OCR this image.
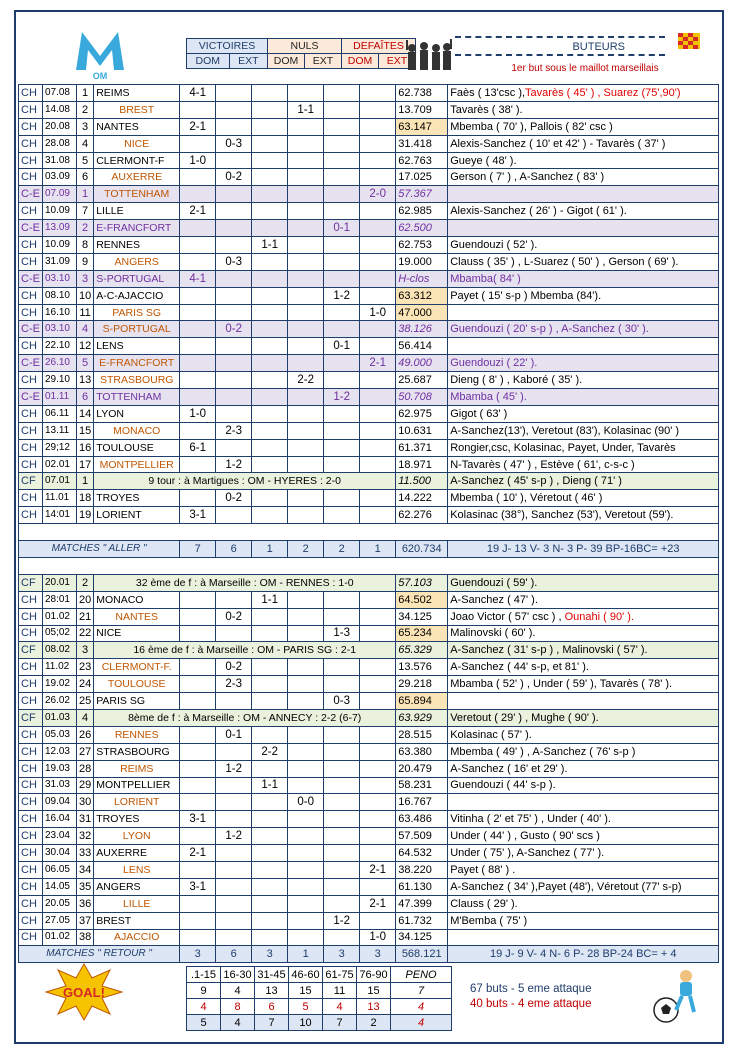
OM
VICTOIRES		NULS		DEFAÎTES	
DOM	EXT	DOM	EXT	DOM	EXT
BUTEURS
1er but sous le maillot marseillais
CH	07.08	1	REIMS	4-1						62.738	Faès ( 13'csc ),Tavarès ( 45' ) , Suarez (75',90')
CH	14.08	2	BREST				1-1			13.709	Tavarès ( 38' ).
CH	20.08	3	NANTES	2-1						63.147	Mbemba ( 70' ), Pallois ( 82' csc )
CH	28.08	4	NICE		0-3					31.418	Alexis-Sanchez ( 10' et 42' ) - Tavarès ( 37' )
CH	31.08	5	CLERMONT-F	1-0						62.763	Gueye ( 48' ).
CH	03.09	6	AUXERRE		0-2					17.025	Gerson ( 7' ) , A-Sanchez ( 83' )
C-E	07.09	1	TOTTENHAM						2-0	57.367	
CH	10.09	7	LILLE	2-1						62.985	Alexis-Sanchez ( 26' ) - Gigot ( 61' ).
C-E	13.09	2	E-FRANCFORT					0-1		62.500	
CH	10.09	8	RENNES			1-1				62.753	Guendouzi ( 52' ).
CH	31.09	9	ANGERS		0-3					19.000	Clauss ( 35' ) , L-Suarez ( 50' ) , Gerson ( 69' ).
C-E	03.10	3	S-PORTUGAL	4-1						H-clos	Mbamba( 84' )
CH	08.10	10	A-C-AJACCIO					1-2		63.312	Payet ( 15' s-p ) Mbemba (84').
CH	16.10	11	PARIS SG						1-0	47.000	
C-E	03.10	4	S-PORTUGAL		0-2					38.126	Guendouzi ( 20' s-p ) , A-Sanchez ( 30' ).
CH	22.10	12	LENS					0-1		56.414	
C-E	26.10	5	E-FRANCFORT						2-1	49.000	Guendouzi ( 22' ).
CH	29.10	13	STRASBOURG				2-2			25.687	Dieng ( 8' ) , Kaboré ( 35' ).
C-E	01.11	6	TOTTENHAM					1-2		50.708	Mbamba ( 45' ).
CH	06.11	14	LYON	1-0						62.975	Gigot ( 63' )
CH	13.11	15	MONACO		2-3					10.631	A-Sanchez(13'), Veretout (83'), Kolasinac (90' )
CH	29;12	16	TOULOUSE	6-1						61.371	Rongier,csc, Kolasinac, Payet, Under, Tavarès
CH	02.01	17	MONTPELLIER		1-2					18.971	N-Tavarès ( 47' ) , Estève ( 61', c-s-c )
CF	07.01	1	9 tour : à Martigues : OM - HYERES : 2-0							11.500	A-Sanchez ( 45' s-p ) , Dieng ( 71' )
CH	11.01	18	TROYES		0-2					14.222	Mbemba ( 10' ), Véretout ( 46' )
CH	14:01	19	LORIENT	3-1						62.276	Kolasinac (38°), Sanchez (53'), Veretout (59').

MATCHES " ALLER "				7	6	1	2	2	1	620.734	19 J- 13 V- 3 N- 3 P- 39 BP-16BC= +23

CF	20.01	2	32 ème de f : à Marseille : OM - RENNES : 1-0							57.103	Guendouzi ( 59' ).
CH	28:01	20	MONACO			1-1				64.502	A-Sanchez ( 47' ).
CH	01.02	21	NANTES		0-2					34.125	Joao Victor ( 57' csc ) , Ounahi ( 90' ).
CH	05;02	22	NICE					1-3		65.234	Malinovski ( 60' ).
CF	08.02	3	16 ème de f : à Marseille : OM - PARIS SG : 2-1							65.329	A-Sanchez ( 31' s-p ) , Malinovski ( 57' ).
CH	11.02	23	CLERMONT-F.		0-2					13.576	A-Sanchez ( 44' s-p, et 81' ).
CH	19.02	24	TOULOUSE		2-3					29.218	Mbamba ( 52' ) , Under ( 59' ), Tavarès ( 78' ).
CH	26.02	25	PARIS SG					0-3		65.894	
CF	01.03	4	8ème de f : à Marseille : OM - ANNECY : 2-2 (6-7)							63.929	Veretout ( 29' ) , Mughe ( 90' ).
CH	05.03	26	RENNES		0-1					28.515	Kolasinac ( 57' ).
CH	12.03	27	STRASBOURG			2-2				63.380	Mbemba ( 49' ) , A-Sanchez ( 76' s-p )
CH	19.03	28	REIMS		1-2					20.479	A-Sanchez ( 16' et 29' ).
CH	31.03	29	MONTPELLIER			1-1				58.231	Guendouzi ( 44' s-p ).
CH	09.04	30	LORIENT				0-0			16.767	
CH	16.04	31	TROYES	3-1						63.486	Vitinha ( 2' et 75' ) , Under ( 40' ).
CH	23.04	32	LYON		1-2					57.509	Under ( 44' ) , Gusto ( 90' scs )
CH	30.04	33	AUXERRE	2-1						64.532	Under ( 75' ), A-Sanchez ( 77' ).
CH	06.05	34	LENS						2-1	38.220	Payet ( 88' ) .
CH	14.05	35	ANGERS	3-1						61.130	A-Sanchez ( 34' ),Payet (48'), Véretout (77' s-p)
CH	20.05	36	LILLE						2-1	47.399	Clauss ( 29' ).
CH	27.05	37	BREST					1-2		61.732	M'Bemba ( 75' )
CH	01.02	38	AJACCIO						1-0	34.125	
MATCHES " RETOUR "				3	6	3	1	3	3	568.121	19 J- 9 V- 4 N- 6 P- 28 BP-24 BC= + 4
GOAL!
.1-15	16-30	31-45	46-60	61-75	76-90	PENO
9	4	13	15	11	15	7
4	8	6	5	4	13	4
5	4	7	10	7	2	4
67 buts - 5 eme attaque
40 buts - 4 eme attaque
